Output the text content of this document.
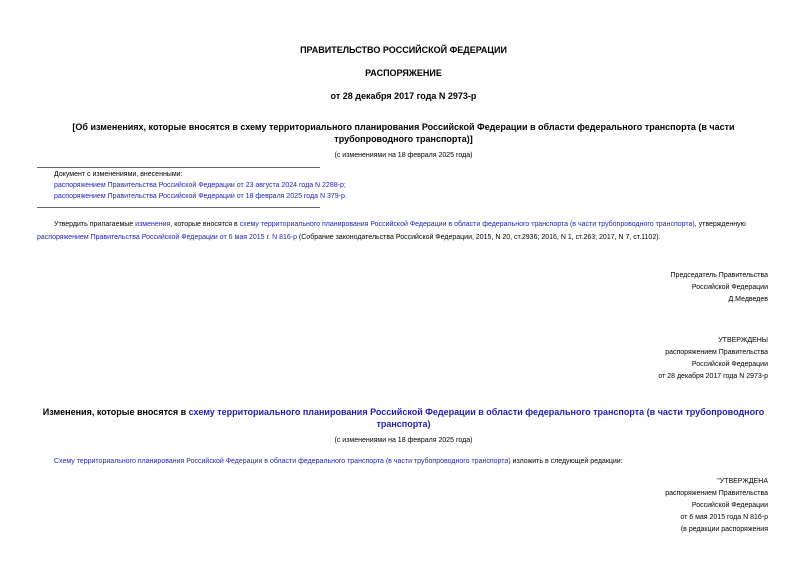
ПРАВИТЕЛЬСТВО РОССИЙСКОЙ ФЕДЕРАЦИИ
РАСПОРЯЖЕНИЕ
от 28 декабря 2017 года N 2973-р
[Об изменениях, которые вносятся в схему территориального планирования Российской Федерации в области федерального транспорта (в части трубопроводного транспорта)]
(с изменениями на 18 февраля 2025 года)
Документ с изменениями, внесенными:
распоряжением Правительства Российской Федерации от 23 августа 2024 года N 2288-р;
распоряжением Правительства Российской Федерации от 18 февраля 2025 года N 379-р.
Утвердить прилагаемые изменения, которые вносятся в схему территориального планирования Российской Федерации в области федерального транспорта (в части трубопроводного транспорта), утвержденную распоряжением Правительства Российской Федерации от 6 мая 2015 г. N 816-р (Собрание законодательства Российской Федерации, 2015, N 20, ст.2936; 2016, N 1, ст.263; 2017, N 7, ст.1102).
Председатель Правительства
Российской Федерации
Д.Медведев
УТВЕРЖДЕНЫ
распоряжением Правительства
Российской Федерации
от 28 декабря 2017 года N 2973-р
Изменения, которые вносятся в схему территориального планирования Российской Федерации в области федерального транспорта (в части трубопроводного транспорта)
(с изменениями на 18 февраля 2025 года)
Схему территориального планирования Российской Федерации в области федерального транспорта (в части трубопроводного транспорта) изложить в следующей редакции:
"УТВЕРЖДЕНА
распоряжением Правительства
Российской Федерации
от 6 мая 2015 года N 816-р
(в редакции распоряжения
